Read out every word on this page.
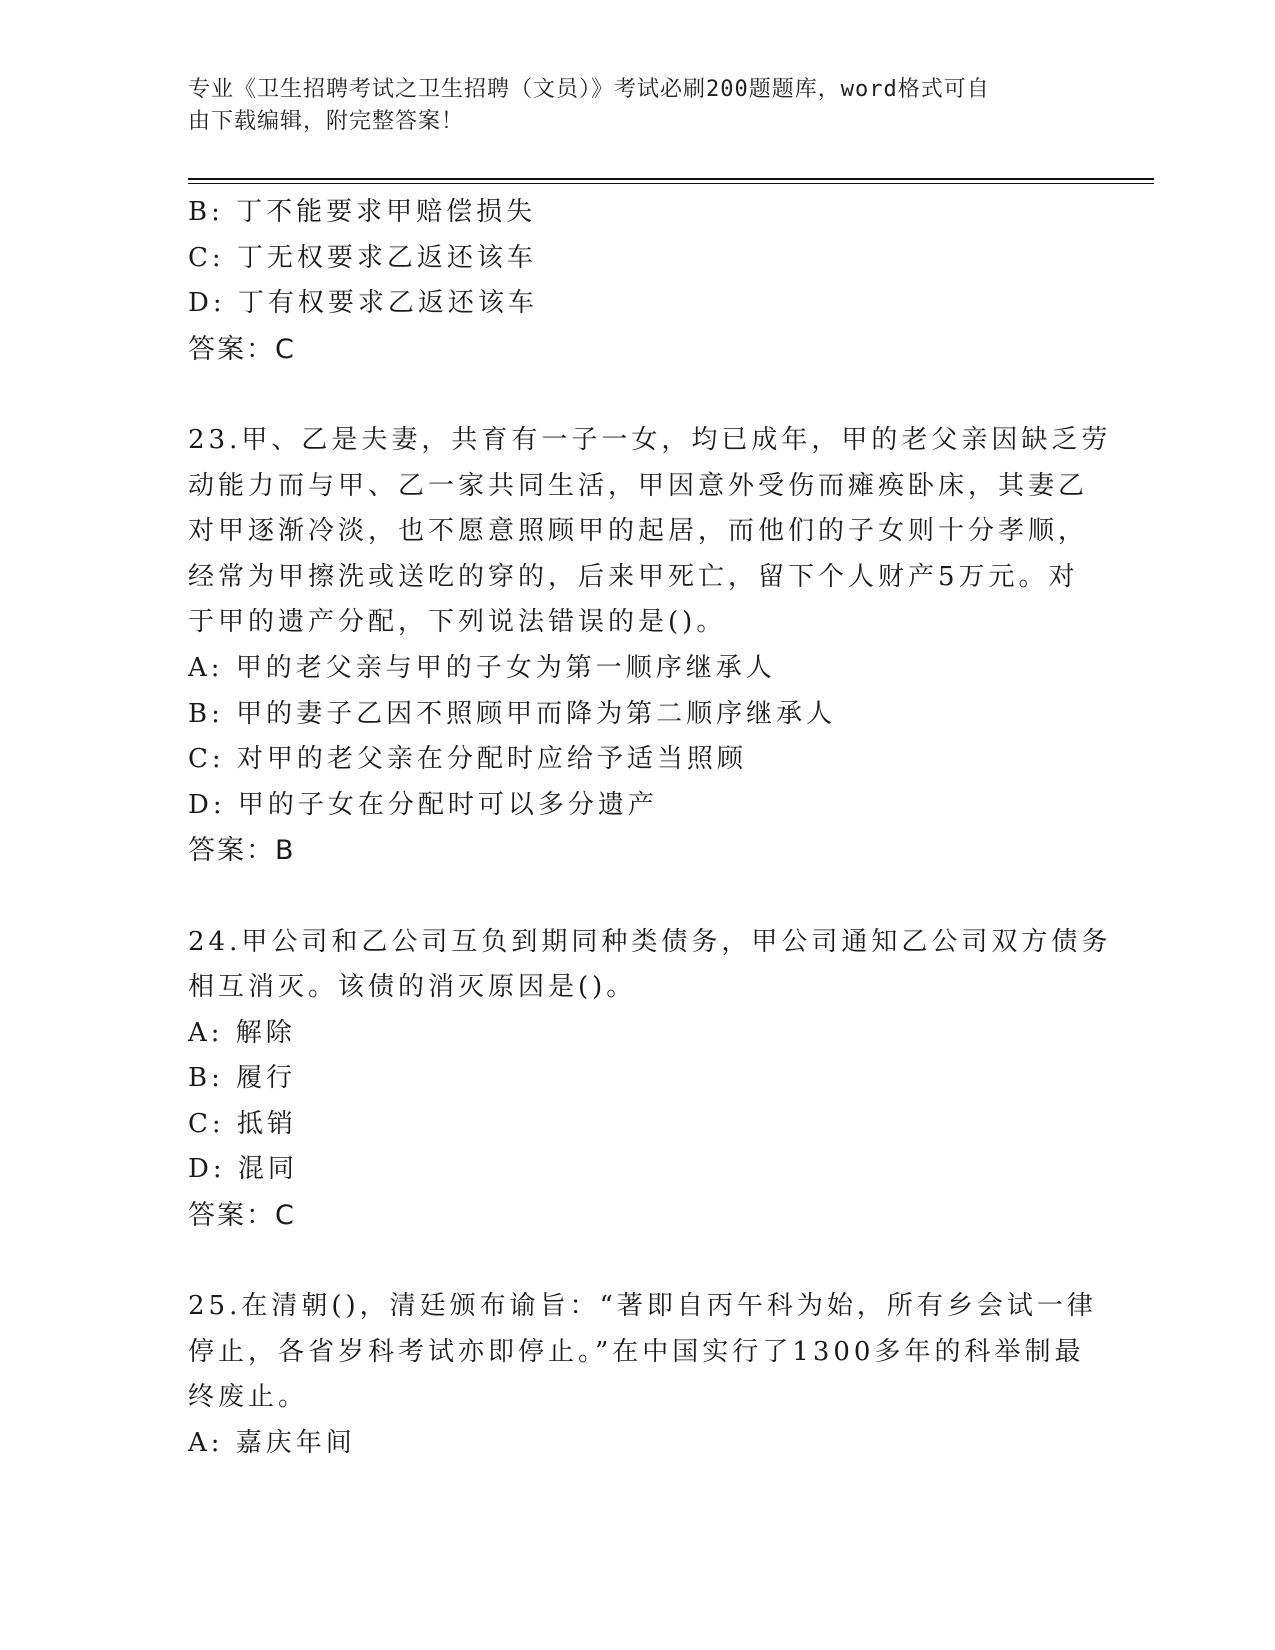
专业《卫生招聘考试之卫生招聘（文员）》考试必刷200题题库，word格式可自
由下载编辑，附完整答案！
B: 丁不能要求甲赔偿损失
C: 丁无权要求乙返还该车
D: 丁有权要求乙返还该车
答案：C
23.甲、乙是夫妻，共育有一子一女，均已成年，甲的老父亲因缺乏劳
动能力而与甲、乙一家共同生活，甲因意外受伤而瘫痪卧床，其妻乙
对甲逐渐冷淡，也不愿意照顾甲的起居，而他们的子女则十分孝顺，
经常为甲擦洗或送吃的穿的，后来甲死亡，留下个人财产5万元。对
于甲的遗产分配，下列说法错误的是()。
A: 甲的老父亲与甲的子女为第一顺序继承人
B: 甲的妻子乙因不照顾甲而降为第二顺序继承人
C: 对甲的老父亲在分配时应给予适当照顾
D: 甲的子女在分配时可以多分遗产
答案：B
24.甲公司和乙公司互负到期同种类债务，甲公司通知乙公司双方债务
相互消灭。该债的消灭原因是()。
A: 解除
B: 履行
C: 抵销
D: 混同
答案：C
25.在清朝()，清廷颁布谕旨：“著即自丙午科为始，所有乡会试一律
停止，各省岁科考试亦即停止。”在中国实行了1300多年的科举制最
终废止。
A: 嘉庆年间
